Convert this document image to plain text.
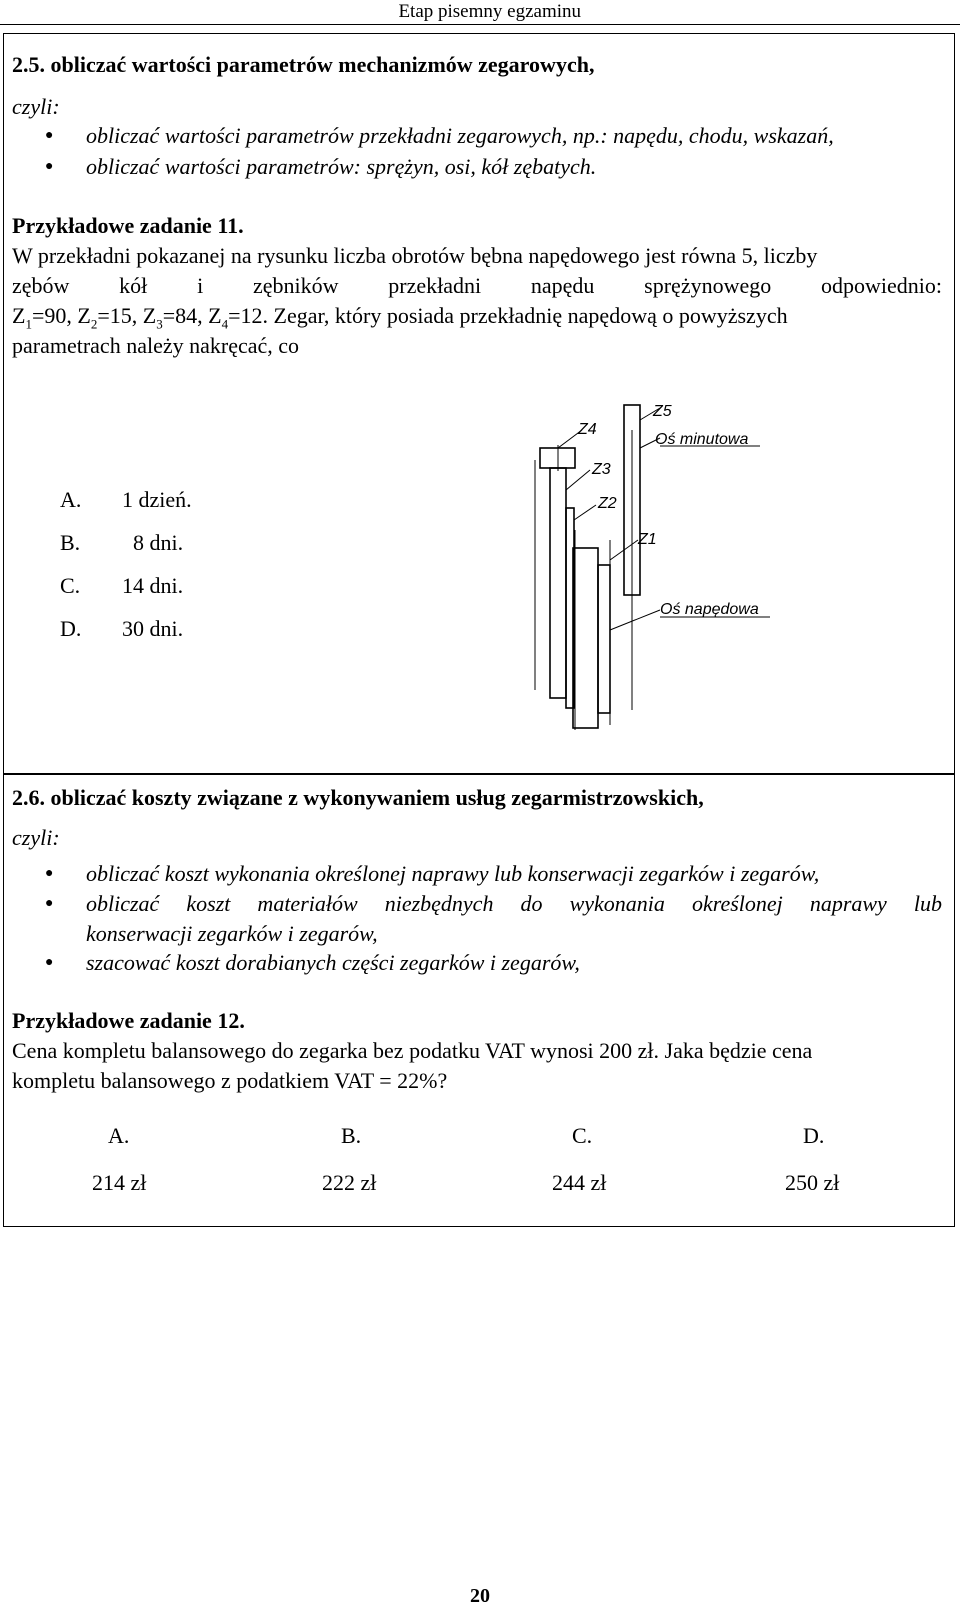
Etap pisemny egzaminu
2.5. obliczać wartości parametrów mechanizmów zegarowych,
czyli:
● obliczać wartości parametrów przekładni zegarowych, np.: napędu, chodu, wskazań,
● obliczać wartości parametrów: sprężyn, osi, kół zębatych.
Przykładowe zadanie 11.
W przekładni pokazanej na rysunku liczba obrotów bębna napędowego jest równa 5, liczby
zębów kół i zębników przekładni napędu sprężynowego odpowiednio:
$Z_1=90$, $Z_2=15$, $Z_3=84$, $Z_4=12$. Zegar, który posiada przekładnię napędową o powyższych
parametrach należy nakręcać, co
A. 1 dzień.
B. 8 dni.
C. 14 dni.
D. 30 dni.
Z4
Z5
Oś minutowa
Z3
Z2
Z1
Oś napędowa
2.6. obliczać koszty związane z wykonywaniem usług zegarmistrzowskich,
czyli:
● obliczać koszt wykonania określonej naprawy lub konserwacji zegarków i zegarów,
● obliczać koszt materiałów niezbędnych do wykonania określonej naprawy lub
konserwacji zegarków i zegarów,
● szacować koszt dorabianych części zegarków i zegarów,
Przykładowe zadanie 12.
Cena kompletu balansowego do zegarka bez podatku VAT wynosi 200 zł. Jaka będzie cena
kompletu balansowego z podatkiem VAT = 22%?
A.	B.	C.	D.
214 zł	222 zł	244 zł	250 zł
20
